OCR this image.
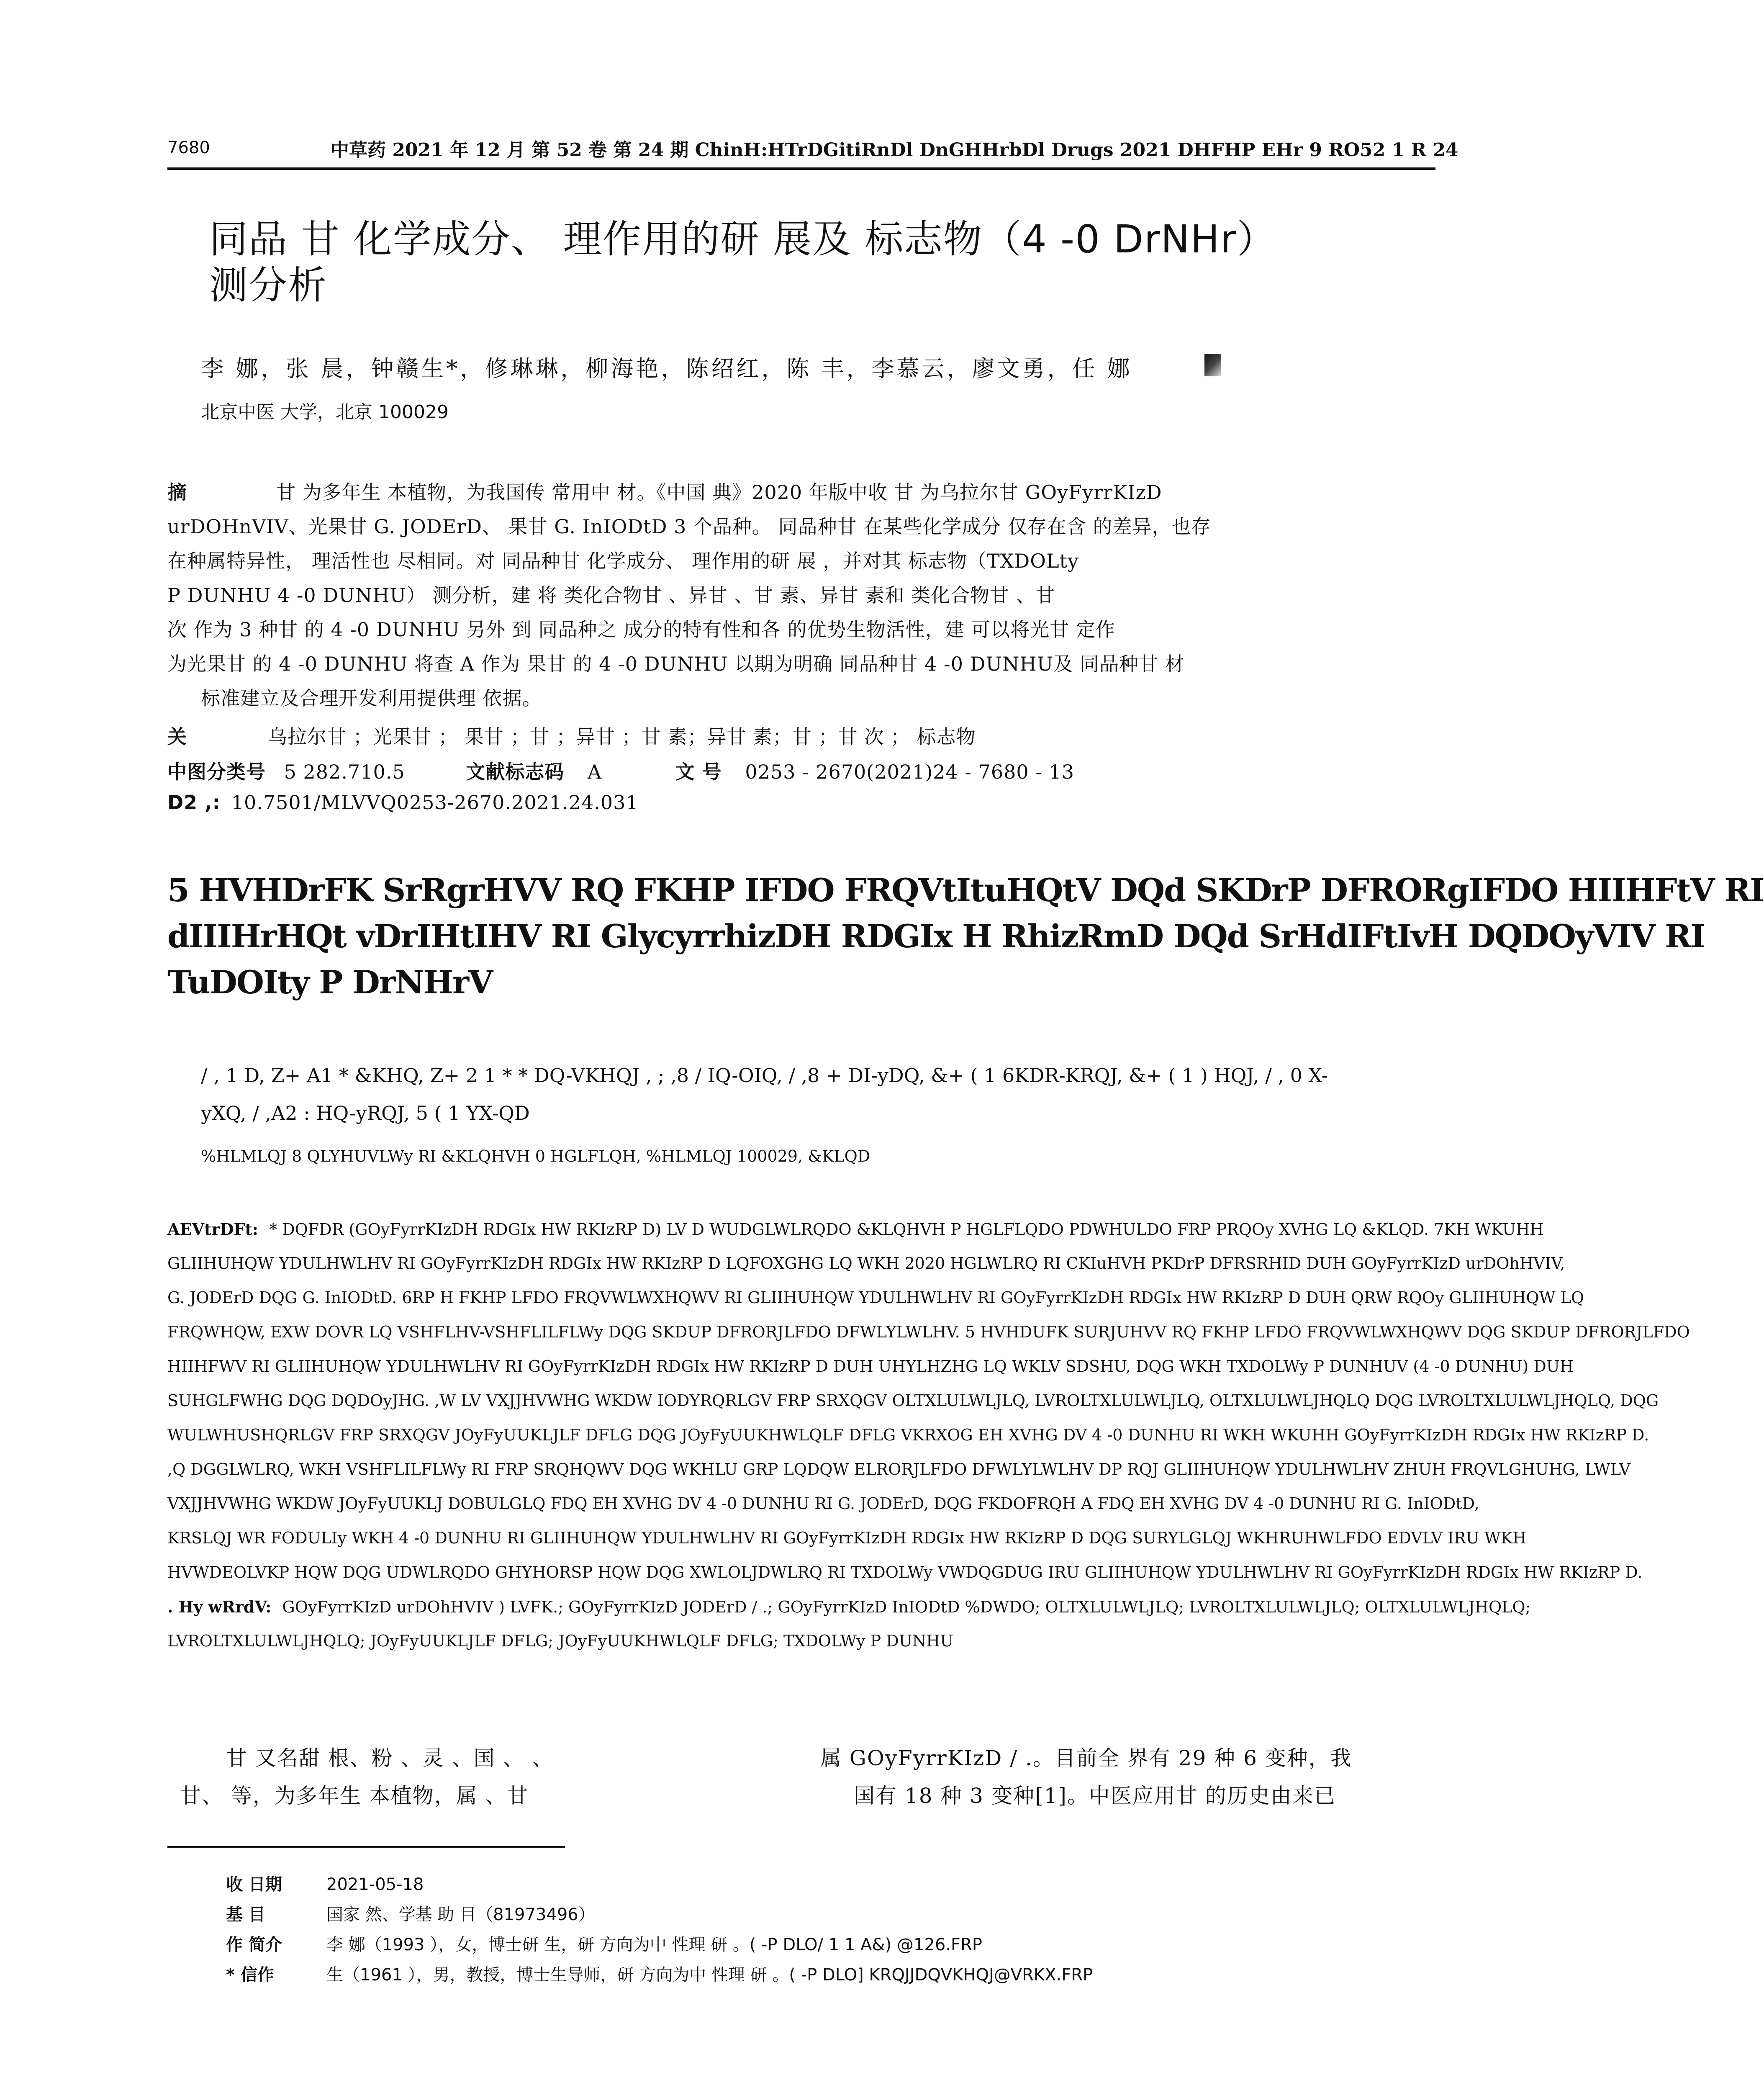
7680	中草药 2021 年 12 月 第 52 卷 第 24 期 ChinH:HTrDGitiRnDl DnGHHrbDl Drugs 2021 DHFHP EHr 9 RO52 1 R 24
同品 甘 化学成分、 理作用的研 展及 标志物（4 -0 DrNHr）
测分析
李 娜，张 晨，钟赣生*，修琳琳，柳海艳，陈绍红，陈 丰，李慕云，廖文勇，任 娜
北京中医 大学，北京 100029
摘	甘 为多年生 本植物，为我国传 常用中 材。《中国 典》2020 年版中收 甘 为乌拉尔甘 GOyFyrrKIzD
urDOHnVIV、光果甘 G. JODErD、 果甘 G. InIODtD 3 个品种。 同品种甘 在某些化学成分 仅存在含 的差异，也存
在种属特异性， 理活性也 尽相同。对 同品种甘 化学成分、 理作用的研 展 ，并对其 标志物（TXDOLty
P DUNHU 4 -0 DUNHU） 测分析，建 将 类化合物甘 、异甘 、甘 素、异甘 素和 类化合物甘 、甘
次 作为 3 种甘 的 4 -0 DUNHU 另外 到 同品种之 成分的特有性和各 的优势生物活性，建 可以将光甘 定作
为光果甘 的 4 -0 DUNHU 将查 A 作为 果甘 的 4 -0 DUNHU 以期为明确 同品种甘 4 -0 DUNHU及 同品种甘 材
标准建立及合理开发利用提供理 依据。
关	乌拉尔甘 ；光果甘 ； 果甘 ；甘 ；异甘 ；甘 素；异甘 素；甘 ；甘 次 ； 标志物
中图分类号 5 282.710.5	文献标志码 A	文 号 0253 - 2670(2021)24 - 7680 - 13
D2 ,: 10.7501/MLVVQ0253-2670.2021.24.031
5 HVHDrFK SrRgrHVV RQ FKHP IFDO FRQVtItuHQtV DQd SKDrP DFRORgIFDO HIIHFtV RI
dIIIHrHQt vDrIHtIHV RI GlycyrrhizDH RDGIx H RhizRmD DQd SrHdIFtIvH DQDOyVIV RI
TuDOIty P DrNHrV
/ , 1 D, Z+ A1 * &KHQ, Z+ 2 1 * * DQ-VKHQJ , ; ,8 / IQ-OIQ, / ,8 + DI-yDQ, &+ ( 1 6KDR-KRQJ, &+ ( 1 ) HQJ, / , 0 X-
yXQ, / ,A2 : HQ-yRQJ, 5 ( 1 YX-QD
%HLMLQJ 8 QLYHUVLWy RI &KLQHVH 0 HGLFLQH, %HLMLQJ 100029, &KLQD
AEVtrDFt: * DQFDR (GOyFyrrKIzDH RDGIx HW RKIzRP D) LV D WUDGLWLRQDO &KLQHVH P HGLFLQDO PDWHULDO FRP PRQOy XVHG LQ &KLQD. 7KH WKUHH
GLIIHUHQW YDULHWLHV RI GOyFyrrKIzDH RDGIx HW RKIzRP D LQFOXGHG LQ WKH 2020 HGLWLRQ RI CKIuHVH PKDrP DFRSRHID DUH GOyFyrrKIzD urDOhHVIV,
G. JODErD DQG G. InIODtD. 6RP H FKHP LFDO FRQVWLWXHQWV RI GLIIHUHQW YDULHWLHV RI GOyFyrrKIzDH RDGIx HW RKIzRP D DUH QRW RQOy GLIIHUHQW LQ
FRQWHQW, EXW DOVR LQ VSHFLHV-VSHFLILFLWy DQG SKDUP DFRORJLFDO DFWLYLWLHV. 5 HVHDUFK SURJUHVV RQ FKHP LFDO FRQVWLWXHQWV DQG SKDUP DFRORJLFDO
HIIHFWV RI GLIIHUHQW YDULHWLHV RI GOyFyrrKIzDH RDGIx HW RKIzRP D DUH UHYLHZHG LQ WKLV SDSHU, DQG WKH TXDOLWy P DUNHUV (4 -0 DUNHU) DUH
SUHGLFWHG DQG DQDOyJHG. ,W LV VXJJHVWHG WKDW IODYRQRLGV FRP SRXQGV OLTXLULWLJLQ, LVROLTXLULWLJLQ, OLTXLULWLJHQLQ DQG LVROLTXLULWLJHQLQ, DQG
WULWHUSHQRLGV FRP SRXQGV JOyFyUUKLJLF DFLG DQG JOyFyUUKHWLQLF DFLG VKRXOG EH XVHG DV 4 -0 DUNHU RI WKH WKUHH GOyFyrrKIzDH RDGIx HW RKIzRP D.
,Q DGGLWLRQ, WKH VSHFLILFLWy RI FRP SRQHQWV DQG WKHLU GRP LQDQW ELRORJLFDO DFWLYLWLHV DP RQJ GLIIHUHQW YDULHWLHV ZHUH FRQVLGHUHG, LWLV
VXJJHVWHG WKDW JOyFyUUKLJ DOBULGLQ FDQ EH XVHG DV 4 -0 DUNHU RI G. JODErD, DQG FKDOFRQH A FDQ EH XVHG DV 4 -0 DUNHU RI G. InIODtD,
KRSLQJ WR FODULIy WKH 4 -0 DUNHU RI GLIIHUHQW YDULHWLHV RI GOyFyrrKIzDH RDGIx HW RKIzRP D DQG SURYLGLQJ WKHRUHWLFDO EDVLV IRU WKH
HVWDEOLVKP HQW DQG UDWLRQDO GHYHORSP HQW DQG XWLOLJDWLRQ RI TXDOLWy VWDQGDUG IRU GLIIHUHQW YDULHWLHV RI GOyFyrrKIzDH RDGIx HW RKIzRP D.
. Hy wRrdV: GOyFyrrKIzD urDOhHVIV ) LVFK.; GOyFyrrKIzD JODErD / .; GOyFyrrKIzD InIODtD %DWDO; OLTXLULWLJLQ; LVROLTXLULWLJLQ; OLTXLULWLJHQLQ;
LVROLTXLULWLJHQLQ; JOyFyUUKLJLF DFLG; JOyFyUUKHWLQLF DFLG; TXDOLWy P DUNHU
甘 又名甜 根、粉 、灵 、国 、 、	属 GOyFyrrKIzD / .。目前全 界有 29 种 6 变种，我
甘、 等，为多年生 本植物，属 、甘	国有 18 种 3 变种[1]。中医应用甘 的历史由来已
收 日期	2021-05-18
基 目	国家 然、学基 助 目（81973496）
作 简介	李 娜（1993 ），女，博士研 生，研 方向为中 性理 研 。( -P DLO/ 1 1 A&) @126.FRP
* 信作	生（1961 ），男，教授，博士生导师，研 方向为中 性理 研 。( -P DLO] KRQJJDQVKHQJ@VRKX.FRP
